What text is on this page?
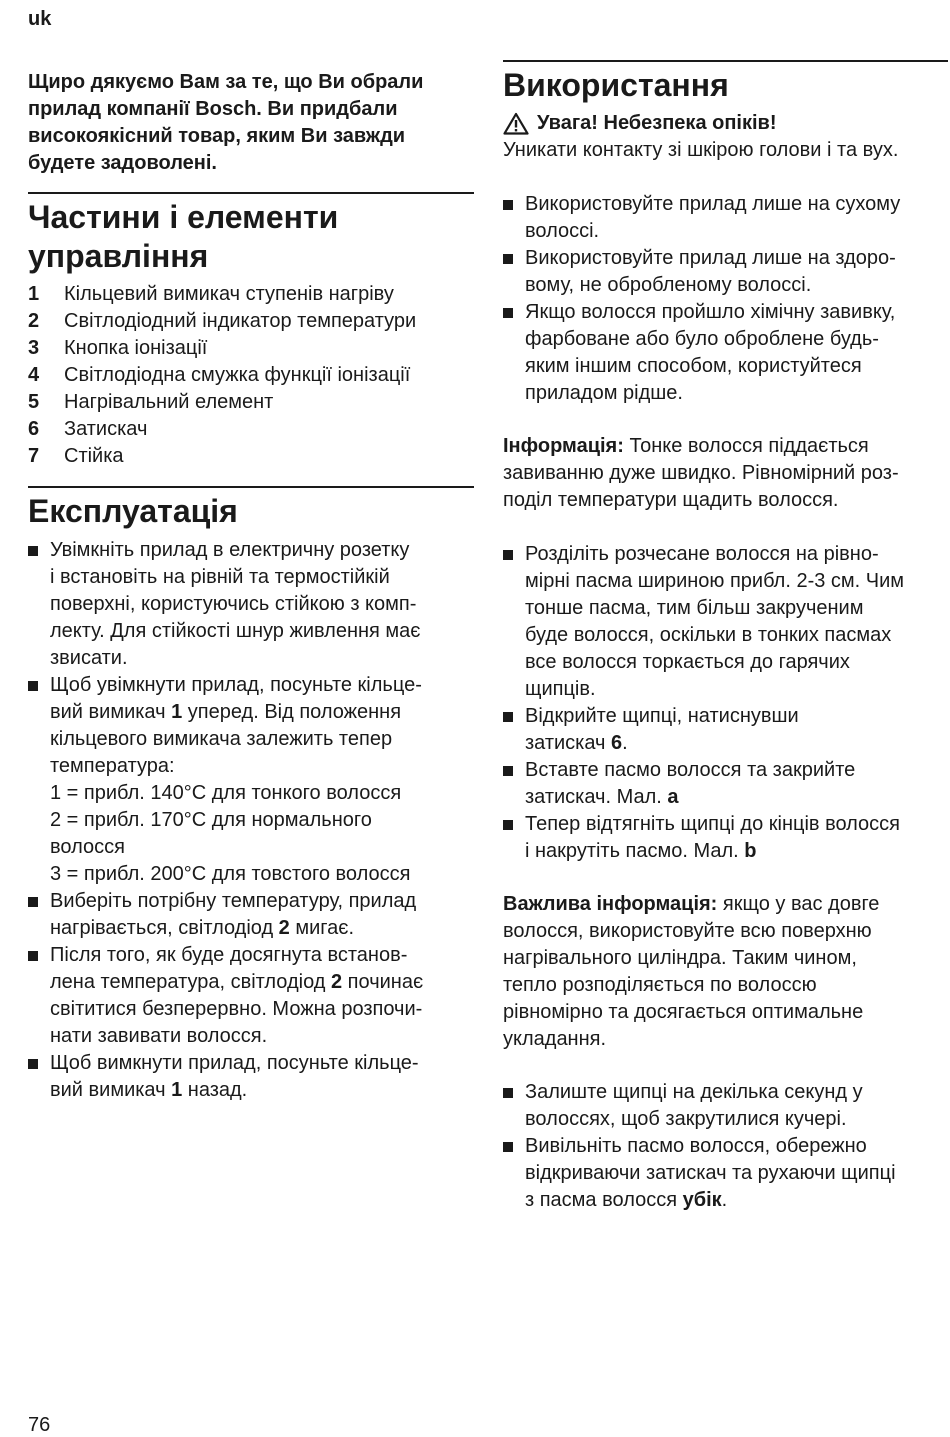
uk
Щиро дякуємо Вам за те, що Ви обрали
прилад компанії Bosch. Ви придбали
високоякісний товар, яким Ви завжди
будете задоволені.
Частини і елементи
управління
1 Кільцевий вимикач ступенів нагріву
2 Світлодіодний індикатор температури
3 Кнопка іонізації
4 Світлодіодна смужка функції іонізації
5 Нагрівальний елемент
6 Затискач
7 Стійка
Експлуатація
Увімкніть прилад в електричну розетку
і встановіть на рівній та термостійкій
поверхні, користуючись стійкою з комп-
лекту. Для стійкості шнур живлення має
звисати.
Щоб увімкнути прилад, посуньте кільце-
вий вимикач 1 уперед. Від положення
кільцевого вимикача залежить тепер
температура:
1 = прибл. 140°C для тонкого волосся
2 = прибл. 170°C для нормального
волосся
3 = прибл. 200°C для товстого волосся
Виберіть потрібну температуру, прилад
нагрівається, світлодіод 2 мигає.
Після того, як буде досягнута встанов-
лена температура, світлодіод 2 починає
світитися безперервно. Можна розпочи-
нати завивати волосся.
Щоб вимкнути прилад, посуньте кільце-
вий вимикач 1 назад.
Використання
Увага! Небезпека опіків!
Уникати контакту зі шкірою голови і та вух.
Використовуйте прилад лише на сухому
волоссі.
Використовуйте прилад лише на здоро-
вому, не обробленому волоссі.
Якщо волосся пройшло хімічну завивку,
фарбоване або було оброблене будь-
яким іншим способом, користуйтеся
приладом рідше.
Інформація: Тонке волосся піддається
завиванню дуже швидко. Рівномірний роз-
поділ температури щадить волосся.
Розділіть розчесане волосся на рівно-
мірні пасма шириною прибл. 2-3 см. Чим
тонше пасма, тим більш закрученим
буде волосся, оскільки в тонких пасмах
все волосся торкається до гарячих
щипців.
Відкрийте щипці, натиснувши
затискач 6.
Вставте пасмо волосся та закрийте
затискач. Мал. a
Тепер відтягніть щипці до кінців волосся
і накрутіть пасмо. Мал. b
Важлива інформація: якщо у вас довге
волосся, використовуйте всю поверхню
нагрівального циліндра. Таким чином,
тепло розподіляється по волоссю
рівномірно та досягається оптимальне
укладання.
Залиште щипці на декілька секунд у
волоссях, щоб закрутилися кучері.
Вивільніть пасмо волосся, обережно
відкриваючи затискач та рухаючи щипці
з пасма волосся убік.
76
